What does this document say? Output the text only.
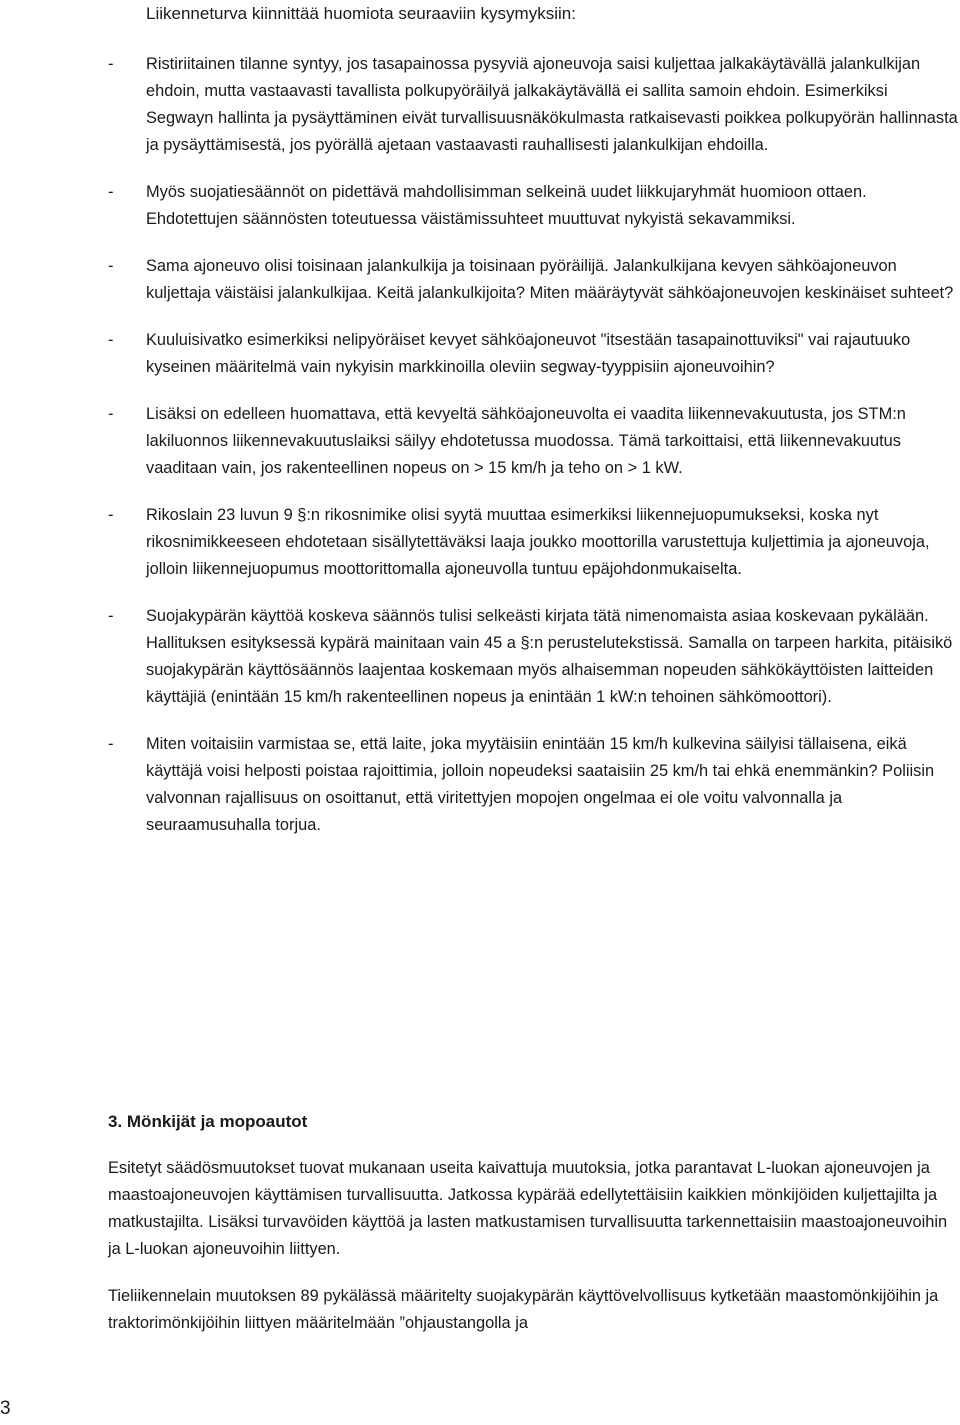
Liikenneturva kiinnittää huomiota seuraaviin kysymyksiin:

- Ristiriitainen tilanne syntyy, jos tasapainossa pysyviä ajoneuvoja saisi kuljettaa jalkakäytävällä jalankulkijan ehdoin, mutta vastaavasti tavallista polkupyöräilyä jalkakäytävällä ei sallita samoin ehdoin. Esimerkiksi Segwayn hallinta ja pysäyttäminen eivät turvallisuusnäkökulmasta ratkaisevasti poikkea polkupyörän hallinnasta ja pysäyttämisestä, jos pyörällä ajetaan vastaavasti rauhallisesti jalankulkijan ehdoilla.
- Myös suojatiesäännöt on pidettävä mahdollisimman selkeinä uudet liikkujaryhmät huomioon ottaen. Ehdotettujen säännösten toteutuessa väistämissuhteet muuttuvat nykyistä sekavammiksi.
- Sama ajoneuvo olisi toisinaan jalankulkija ja toisinaan pyöräilijä. Jalankulkijana kevyen sähköajoneuvon kuljettaja väistäisi jalankulkijaa. Keitä jalankulkijoita? Miten määräytyvät sähköajoneuvojen keskinäiset suhteet?
- Kuuluisivatko esimerkiksi nelipyöräiset kevyet sähköajoneuvot "itsestään tasapainottuviksi" vai rajautuuko kyseinen määritelmä vain nykyisin markkinoilla oleviin segway-tyyppisiin ajoneuvoihin?
- Lisäksi on edelleen huomattava, että kevyeltä sähköajoneuvolta ei vaadita liikennevakuutusta, jos STM:n lakiluonnos liikennevakuutuslaiksi säilyy ehdotetussa muodossa. Tämä tarkoittaisi, että liikennevakuutus vaaditaan vain, jos rakenteellinen nopeus on > 15 km/h ja teho on > 1 kW.
- Rikoslain 23 luvun 9 §:n rikosnimike olisi syytä muuttaa esimerkiksi liikennejuopumukseksi, koska nyt rikosnimikkeeseen ehdotetaan sisällytettäväksi laaja joukko moottorilla varustettuja kuljettimia ja ajoneuvoja, jolloin liikennejuopumus moottorittomalla ajoneuvolla tuntuu epäjohdonmukaiselta.
- Suojakypärän käyttöä koskeva säännös tulisi selkeästi kirjata tätä nimenomaista asiaa koskevaan pykälään. Hallituksen esityksessä kypärä mainitaan vain 45 a §:n perustelutekstissä. Samalla on tarpeen harkita, pitäisikö suojakypärän käyttösäännös laajentaa koskemaan myös alhaisemman nopeuden sähkökäyttöisten laitteiden käyttäjiä (enintään 15 km/h rakenteellinen nopeus ja enintään 1 kW:n tehoinen sähkömoottori).
- Miten voitaisiin varmistaa se, että laite, joka myytäisiin enintään 15 km/h kulkevina säilyisi tällaisena, eikä käyttäjä voisi helposti poistaa rajoittimia, jolloin nopeudeksi saataisiin 25 km/h tai ehkä enemmänkin? Poliisin valvonnan rajallisuus on osoittanut, että viritettyjen mopojen ongelmaa ei ole voitu valvonnalla ja seuraamusuhalla torjua.

3. Mönkijät ja mopoautot

Esitetyt säädösmuutokset tuovat mukanaan useita kaivattuja muutoksia, jotka parantavat L-luokan ajoneuvojen ja maastoajoneuvojen käyttämisen turvallisuutta. Jatkossa kypärää edellytettäisiin kaikkien mönkijöiden kuljettajilta ja matkustajilta. Lisäksi turvavöiden käyttöä ja lasten matkustamisen turvallisuutta tarkennettaisiin maastoajoneuvoihin ja L-luokan ajoneuvoihin liittyen.

Tieliikennelain muutoksen 89 pykälässä määritelty suojakypärän käyttövelvollisuus kytketään maastomönkijöihin ja traktorimönkijöihin liittyen määritelmään ”ohjaustangolla ja

3
